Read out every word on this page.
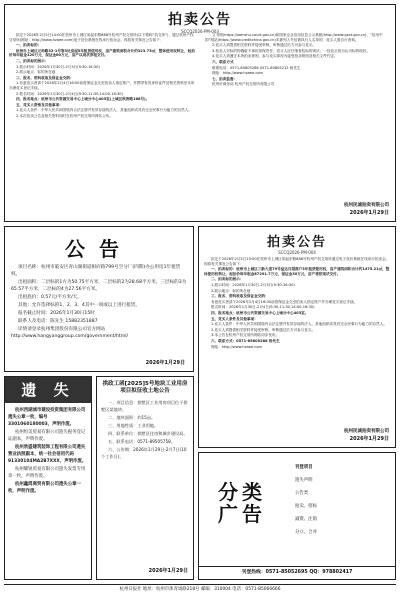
拍卖公告
SCCQ2026-PM-003

拟定于2026年2月5日14:00在杭州市上城区凤起东路888号杭州产权交易所(以下简称“杭交所”)，通过杭州产权交易所(网址：http://www.hzaee.com)电子竞价系统在线举行拍卖会。现将有关事宜公告如下：

一、拍卖标的：

杭州市上城区元帅路32-1号等3处房屋5年租赁使用权，房产建筑面积合计约323.73㎡，整体使用权转让，起拍价每年租金120万元，保证金60万元，房产以现状净租交付。

二、拍卖标的展示：

1.展示时间：2026年1月30日-2月3日(9:30-16:30)

2.展示地点：标的所在地

三、报名、资料收取及保证金交纳：

1.有意竞买者请于2026年2月4日16:00前将保证金交至拍卖人指定账户，并携带有效身份证件及相关资料至本所办理竞买登记手续。

2.报名时间：2026年1月30日-2月4日(9:30-11:30,14:00-16:30)

四、报名地点：杭州市公共资源交易中心上城分中心403室(上城区秋涛路168号)。

五、竞买人资格及其他事项：

1.竞买人条件：中华人民共和国境内合法注册并有效存续的法人、其他组织或具有完全民事行为能力的自然人。

2.本次拍卖公告及相关资料同时在杭州产权交易所网站公布。

文书网(https://wenshu.court.gov.cn)和国家企业信用信息公示系统(http://www.gsxt.gov.cn)、“信用中国”网站(https://www.creditchina.gov.cn)未被列入失信被执行人名单的，竞买人需自行查询。

2.竞买人须提供相关资料并接受审核，审核通过后方可参与竞买。

3.拍卖人对标的物瑕疵不承担担保责任，竞买人应仔细查验标的现状，一经竞买视为认可标的现状。

4.竞买人须遵守本所拍卖规则，参与竞买即视为接受拍卖规则及相关文件约定。

六、联系方式

联系电话：0571-85805288 0571-85805212 杨先生

网址：http://www.hzaee.com

七、拍卖监督：

杭州市商务局 杭州产权交易所有限公司

杭州民诚拍卖有限公司
2026年1月29日
公告

项目名称：杭州市临安区青山湖街道相府路799号空分厂(四期)办公用房1年租赁权。

出租面积：二层标的1方为50.75平方米，二层标的2为28.68平方米，三层标的3为65.57平方米，二层标的4为27.56平方米。

出租底价：0.57元/平方米/天。

其他：允许选择标的1、2、3、4其中一项或以上进行租赁。

报名截止时间：2026年1月30日15时

联系人及电话：陈先生 15882351887

详情请登录杭州集团股份有限公司官方网站 http://www.hangyanggroup.com/government/html/

2026年1月29日
拍卖公告
SCCQ2026-PM-004

拟定于2026年2月5日15:00在杭州市上城区凤起东路888号杭州产权交易所通过电子竞价系统在线举行拍卖会。现将有关事宜公告如下：

一、拍卖标的：杭州市上城区三新大道79号益达百超商户3年租赁使用权，房产建筑面积合计约1475.21㎡，整体使用权转让，起拍价每年租金87291.7万元，保证金30万元，房产将按现状交付。

二、拍卖标的展示：

1.展示时间：2026年1月30日-2月3日(9:30-16:30)

2.展示地点：标的所在地

三、报名、资料收取及保证金交纳：

有意竞买者请于2026年2月4日16:00前将保证金交至拍卖人指定账户并办理竞买登记手续。

报名时间：2026年1月30日-2月4日(9:30-11:30,14:00-16:30)

四、报名地点：杭州市公共资源交易中心上城分中心403室。

五、竞买人条件及其他事项：

1.竞买人条件：中华人民共和国境内合法注册并有效存续的法人、其他组织或具有完全民事行为能力的自然人。

2.竞买人须提供相关资料并接受审核，审核通过后方可参与竞买。

3.本公告在杭州产权交易所网站同步发布。

六、联系方式：0571-85805288 杨先生

网址：http://www.hzaee.com

杭州民诚拍卖有限公司
2026年1月29日
遗 失

杭州西湖城市建设投资集团有限公司遗失公章一枚，编号3301060180003，声明作废。

杭州恒美贸易有限公司遗失税务登记证副本，声明作废。

杭州欣盛建筑装饰工程有限公司遗失营业执照副本，统一社会信用代码91330104MA2B7XXX，声明作废。

杭州耀锐贸易有限公司遗失发票专用章一枚，声明作废。

杭州鑫鸿商贸有限公司遗失公章一枚，声明作废。

拱政工函[2025]5号地块工业用房项目拟征收土地公告

一、项目信息：拱墅区工业用房项目位于拱墅区某地块。

二、地块面积：约15亩。

三、用地性质：工业用地。

四、联系单位：拱墅区住房和城乡建设局。

五、联系电话：0571-89505758。

六、公告期：2026年1月29日-2月7日(10个工作日)。

2026年1月29日
分类
广告
刊登项目
遗失声明
公告类
拍卖、招标
减资、注销
分立、合并
刊登热线：0571-85052695 QQ：978802417
杭州日报社 地址：杭州市体育场路218号 邮编：310004 电话：0571-85066666
